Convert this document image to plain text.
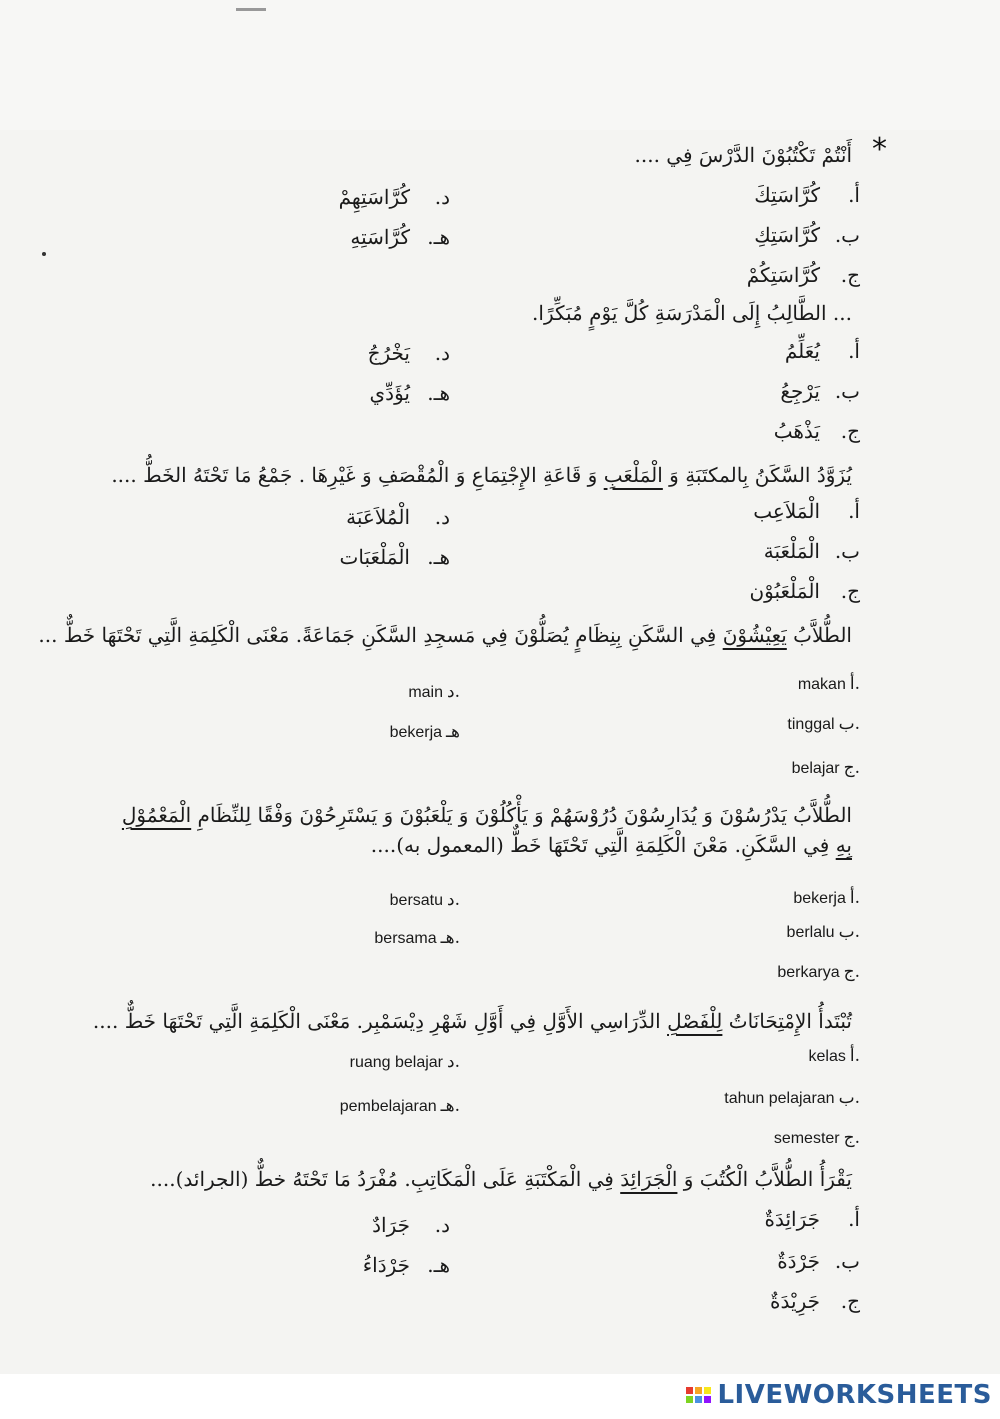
*
أَنْتُمْ تَكْتُبُوْنَ الدَّرْسَ فِي ....
أ.كُرَّاسَتِكَ
ب.كُرَّاسَتِكِ
ج.كُرَّاسَتِكُمْ
د.كُرَّاسَتِهِمْ
هـ.كُرَّاسَتِهِ
... الطَّالِبُ إِلَى الْمَدْرَسَةِ كُلَّ يَوْمٍ مُبَكِّرًا.
أ.يُعَلِّمُ
ب.يَرْجِعُ
ج.يَذْهَبُ
د.يَخْرُجُ
هـ.يُؤَدِّي
يُزَوَّدُ السَّكَنُ بِالمكتَبَةِ وَ الْمَلْعَبِ وَ قَاعَةِ الإِجْتِمَاعِ وَ الْمُقْصَفِ وَ غَيْرِهَا . جَمْعُ مَا تَحْتَهُ الخَطُّ ....
أ.الْمَلاَعِب
ب.الْمَلْعَبَة
ج.الْمَلْعَبُوْن
د.الْمُلاَعَبَة
هـ.الْمَلْعَبَات
الطُّلاَّبُ يَعِيْشُوْنَ فِي السَّكَنِ بِنِظَامٍ يُصَلُّوْنَ فِي مَسجِدِ السَّكَنِ جَمَاعَةً. مَعْنَى الْكَلِمَةِ الَّتِي تَحْتَهَا خَطٌّ ...
makan أ.
tinggal ب.
belajar ج.
main د.
bekerja هـ
الطُّلاَّبُ يَدْرُسُوْنَ وَ يُدَارِسُوْنَ دُرُوْسَهُمْ وَ يَأْكُلُوْنَ وَ يَلْعَبُوْنَ وَ يَسْتَرِحُوْنَ وَفْقًا لِلنِّظَامِ الْمَعْمُوْلِ بِهِ فِي السَّكَنِ. مَعْنَ الْكَلِمَةِ الَّتِي تَحْتَهَا خَطٌّ (المعمول به)....
bekerja أ.
berlalu ب.
berkarya ج.
bersatu د.
bersama هـ.
تُبْتَدأُ الإِمْتِحَانَاتُ لِلْفَصْلِ الدِّرَاسِي الأَوَّلِ فِي أَوَّلِ شَهْرِ دِيْسَمْبِر. مَعْنَى الْكَلِمَةِ الَّتِي تَحْتَهَا خَطٌّ ....
kelas أ.
tahun pelajaran ب.
semester ج.
ruang belajar د.
pembelajaran هـ.
يَقْرَأُ الطُّلاَّبُ الْكُتُبَ وَ الْجَرَائِدَ فِي الْمَكْتَبَةِ عَلَى الْمَكَاتِبِ. مُفْرَدُ مَا تَحْتَهُ خطٌّ (الجرائد)....
أ.جَرَائِدَةٌ
ب.جَرْدَةٌ
ج.جَرِيْدَةٌ
د.جَرَادٌ
هـ.جَرْدَاءُ
LIVEWORKSHEETS
